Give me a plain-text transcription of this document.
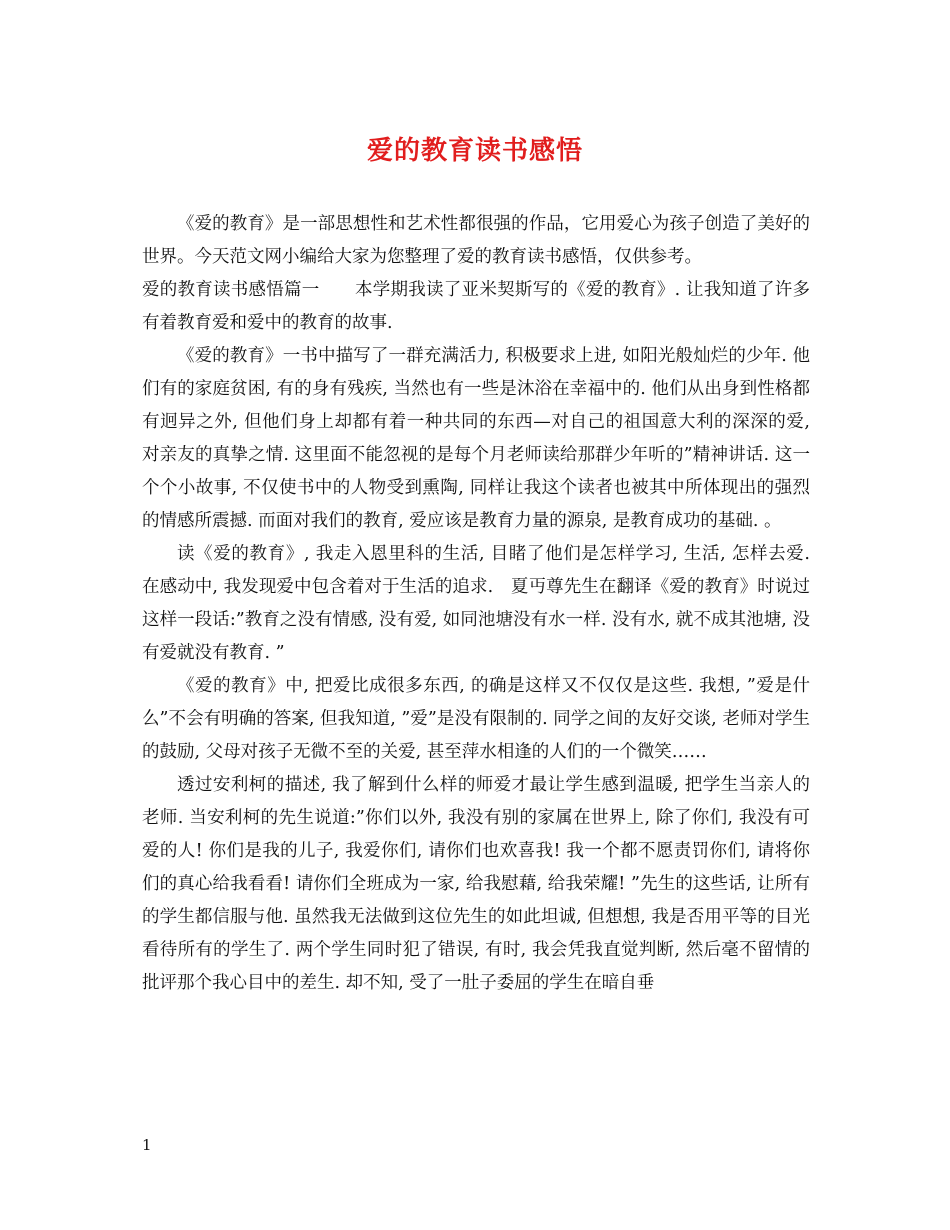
爱的教育读书感悟

《爱的教育》是一部思想性和艺术性都很强的作品，它用爱心为孩子创造了美好的世界。今天范文网小编给大家为您整理了爱的教育读书感悟，仅供参考。

爱的教育读书感悟篇一　　本学期我读了亚米契斯写的《爱的教育》. 让我知道了许多有着教育爱和爱中的教育的故事.

《爱的教育》一书中描写了一群充满活力, 积极要求上进, 如阳光般灿烂的少年. 他们有的家庭贫困, 有的身有残疾, 当然也有一些是沐浴在幸福中的. 他们从出身到性格都有迥异之外, 但他们身上却都有着一种共同的东西—对自己的祖国意大利的深深的爱, 对亲友的真挚之情. 这里面不能忽视的是每个月老师读给那群少年听的”精神讲话. 这一个个小故事, 不仅使书中的人物受到熏陶, 同样让我这个读者也被其中所体现出的强烈的情感所震撼. 而面对我们的教育, 爱应该是教育力量的源泉, 是教育成功的基础. 。

读《爱的教育》, 我走入恩里科的生活, 目睹了他们是怎样学习, 生活, 怎样去爱. 在感动中, 我发现爱中包含着对于生活的追求.　夏丏尊先生在翻译《爱的教育》时说过这样一段话:”教育之没有情感, 没有爱, 如同池塘没有水一样. 没有水, 就不成其池塘, 没有爱就没有教育. ”

《爱的教育》中, 把爱比成很多东西, 的确是这样又不仅仅是这些. 我想, ”爱是什么”不会有明确的答案, 但我知道, ”爱”是没有限制的. 同学之间的友好交谈, 老师对学生的鼓励, 父母对孩子无微不至的关爱, 甚至萍水相逢的人们的一个微笑……

透过安利柯的描述, 我了解到什么样的师爱才最让学生感到温暖, 把学生当亲人的老师. 当安利柯的先生说道:”你们以外, 我没有别的家属在世界上, 除了你们, 我没有可爱的人! 你们是我的儿子, 我爱你们, 请你们也欢喜我! 我一个都不愿责罚你们, 请将你们的真心给我看看! 请你们全班成为一家, 给我慰藉, 给我荣耀! ”先生的这些话, 让所有的学生都信服与他. 虽然我无法做到这位先生的如此坦诚, 但想想, 我是否用平等的目光看待所有的学生了. 两个学生同时犯了错误, 有时, 我会凭我直觉判断, 然后毫不留情的批评那个我心目中的差生. 却不知, 受了一肚子委屈的学生在暗自垂

1
